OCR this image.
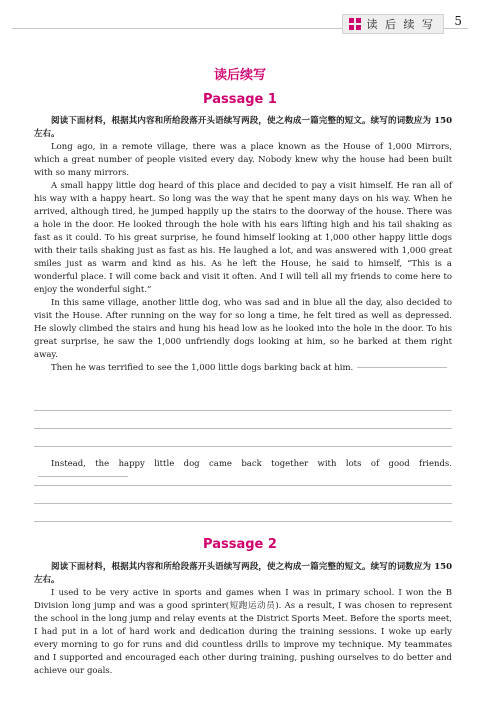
读 后 续 写 5
读后续写
Passage 1

阅读下面材料，根据其内容和所给段落开头语续写两段，使之构成一篇完整的短文。续写的词数应为 150 左右。

Long ago, in a remote village, there was a place known as the House of 1,000 Mirrors, which a great number of people visited every day. Nobody knew why the house had been built with so many mirrors.

A small happy little dog heard of this place and decided to pay a visit himself. He ran all of his way with a happy heart. So long was the way that he spent many days on his way. When he arrived, although tired, he jumped happily up the stairs to the doorway of the house. There was a hole in the door. He looked through the hole with his ears lifting high and his tail shaking as fast as it could. To his great surprise, he found himself looking at 1,000 other happy little dogs with their tails shaking just as fast as his. He laughed a lot, and was answered with 1,000 great smiles just as warm and kind as his. As he left the House, he said to himself, “This is a wonderful place. I will come back and visit it often. And I will tell all my friends to come here to enjoy the wonderful sight.”

In this same village, another little dog, who was sad and in blue all the day, also decided to visit the House. After running on the way for so long a time, he felt tired as well as depressed. He slowly climbed the stairs and hung his head low as he looked into the hole in the door. To his great surprise, he saw the 1,000 unfriendly dogs looking at him, so he barked at them right away.

Then he was terrified to see the 1,000 little dogs barking back at him.

Instead, the happy little dog came back together with lots of good friends.

Passage 2

阅读下面材料，根据其内容和所给段落开头语续写两段，使之构成一篇完整的短文。续写的词数应为 150 左右。

I used to be very active in sports and games when I was in primary school. I won the B Division long jump and was a good sprinter(短跑运动员). As a result, I was chosen to represent the school in the long jump and relay events at the District Sports Meet. Before the sports meet, I had put in a lot of hard work and dedication during the training sessions. I woke up early every morning to go for runs and did countless drills to improve my technique. My teammates and I supported and encouraged each other during training, pushing ourselves to do better and achieve our goals.
